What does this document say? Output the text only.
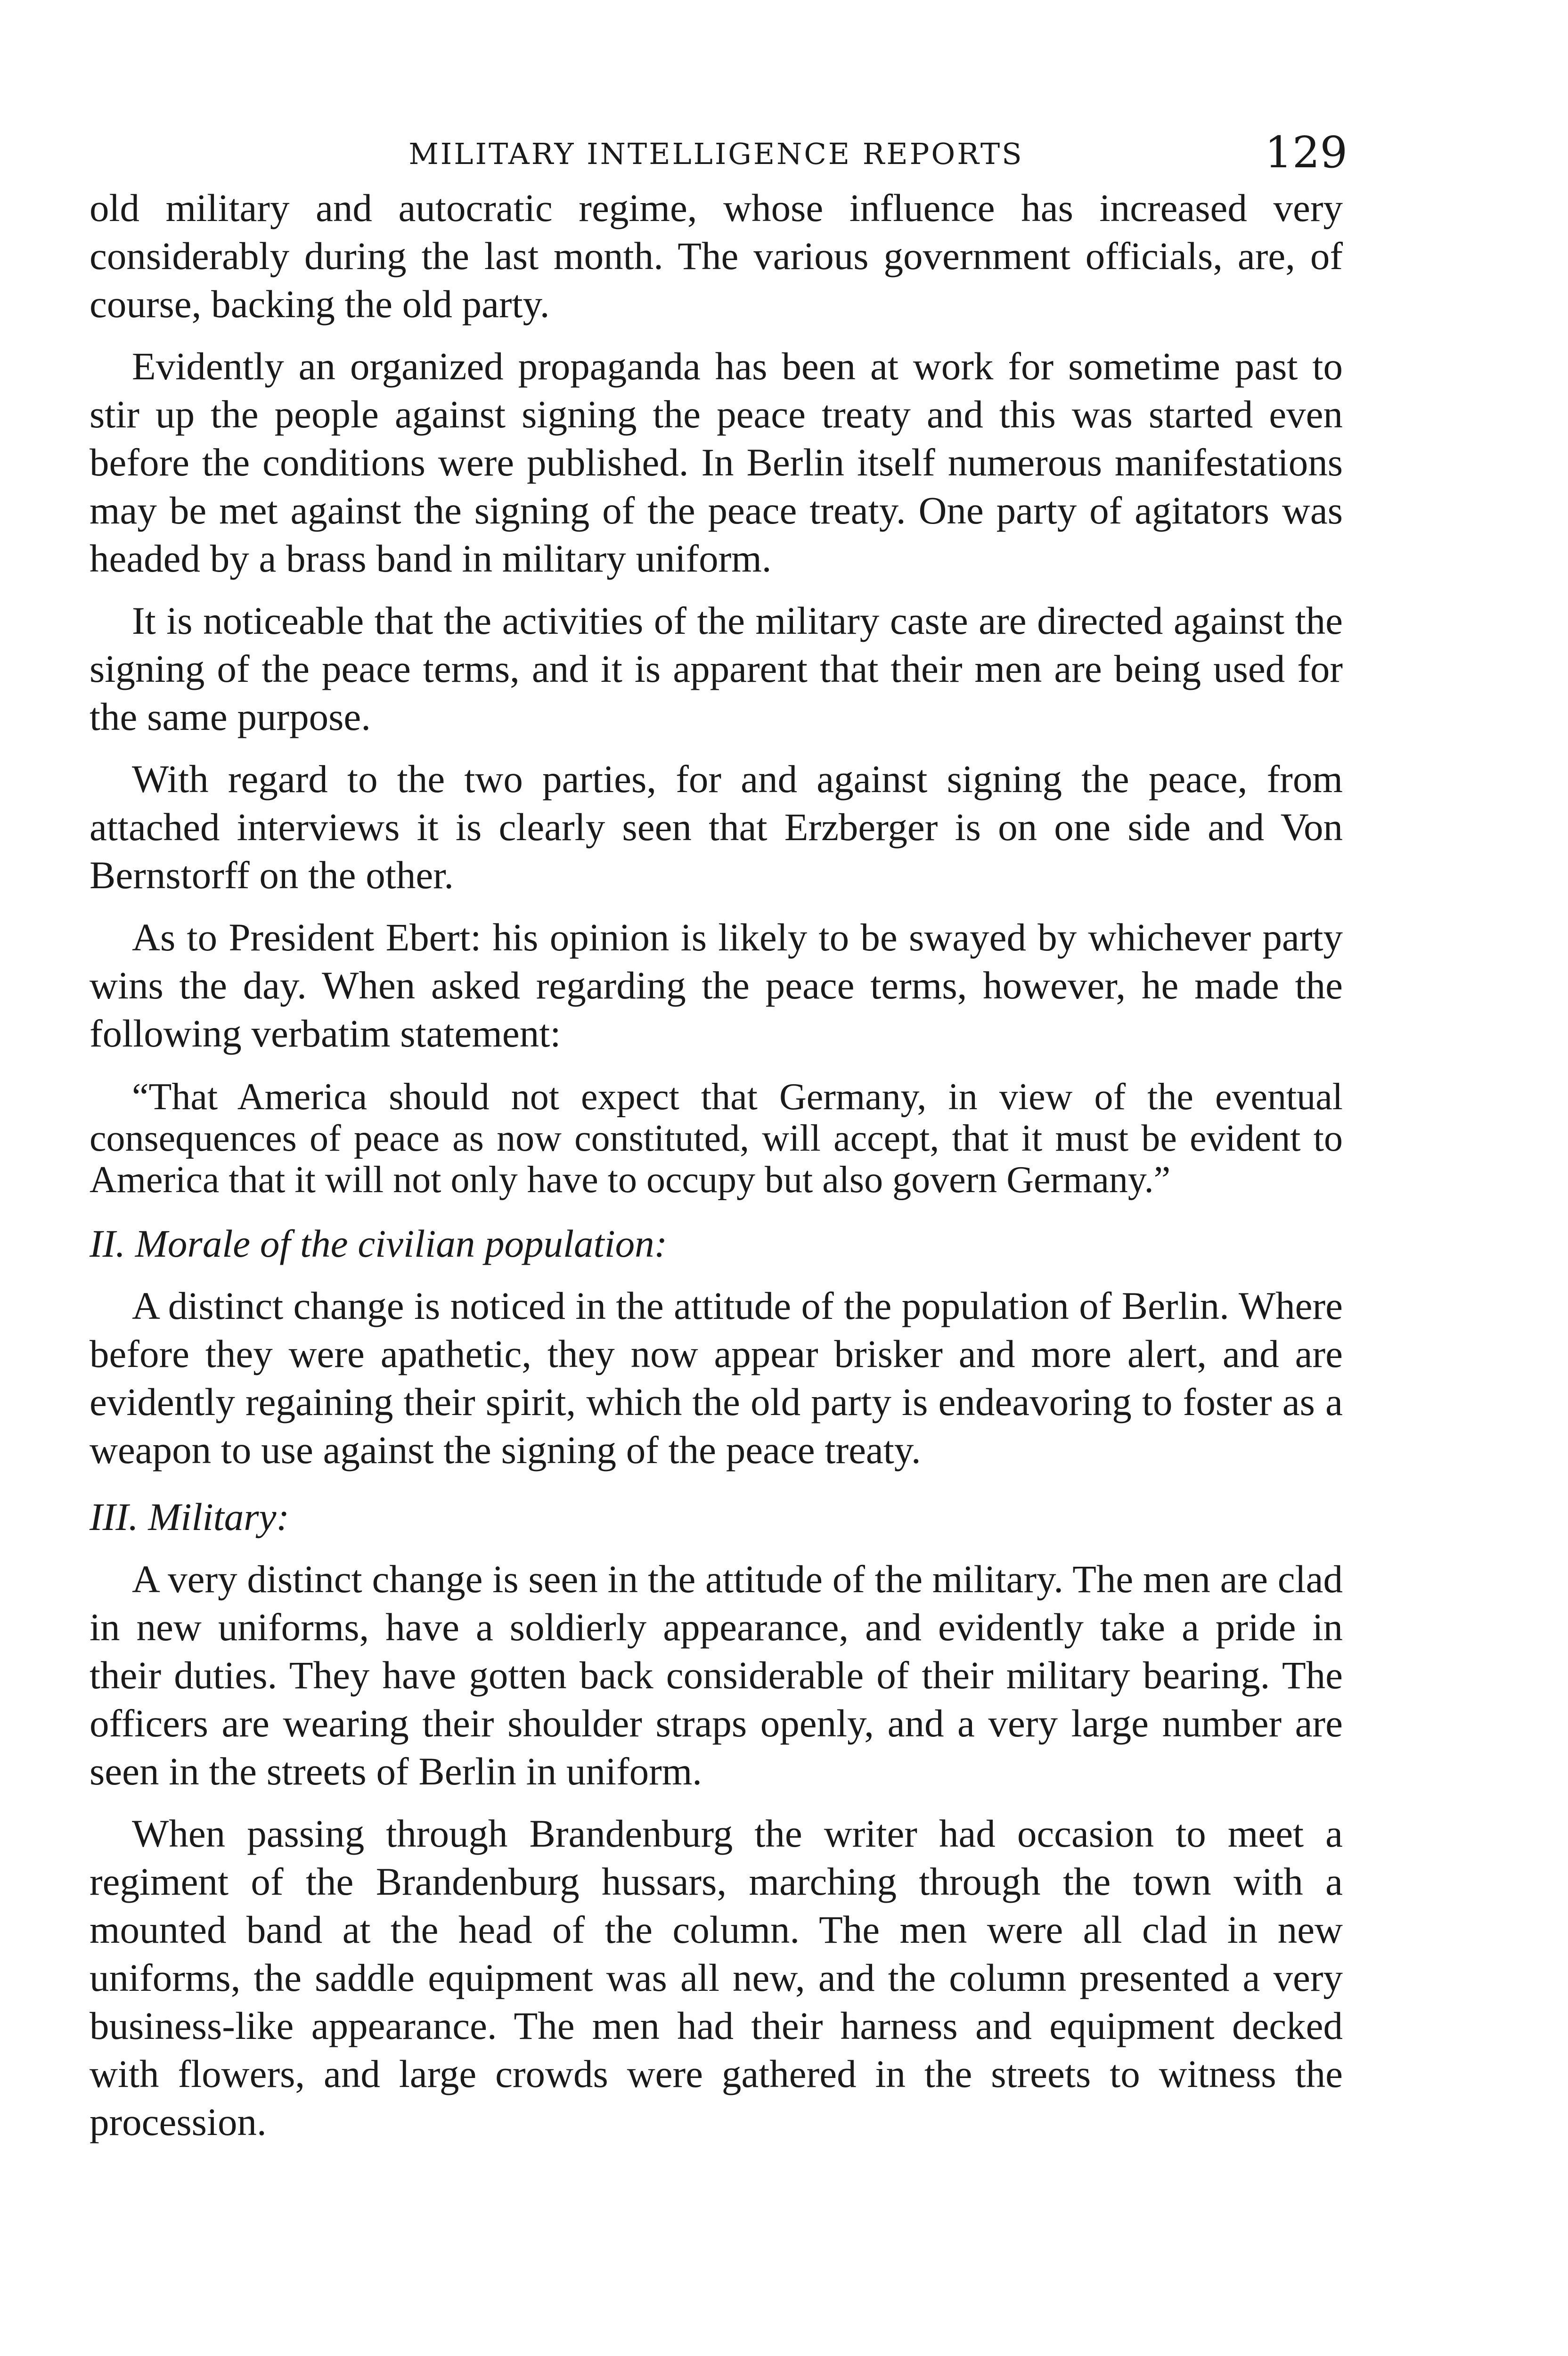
MILITARY INTELLIGENCE REPORTS	129

old military and autocratic regime, whose influence has increased very considerably during the last month. The various government officials, are, of course, backing the old party.

Evidently an organized propaganda has been at work for sometime past to stir up the people against signing the peace treaty and this was started even before the conditions were published. In Berlin itself numerous manifestations may be met against the signing of the peace treaty. One party of agitators was headed by a brass band in military uniform.

It is noticeable that the activities of the military caste are directed against the signing of the peace terms, and it is apparent that their men are being used for the same purpose.

With regard to the two parties, for and against signing the peace, from attached interviews it is clearly seen that Erzberger is on one side and Von Bernstorff on the other.

As to President Ebert: his opinion is likely to be swayed by whichever party wins the day. When asked regarding the peace terms, however, he made the following verbatim statement:

“That America should not expect that Germany, in view of the eventual consequences of peace as now constituted, will accept, that it must be evident to America that it will not only have to occupy but also govern Germany.”

II. Morale of the civilian population:

A distinct change is noticed in the attitude of the population of Berlin. Where before they were apathetic, they now appear brisker and more alert, and are evidently regaining their spirit, which the old party is endeavoring to foster as a weapon to use against the signing of the peace treaty.

III. Military:

A very distinct change is seen in the attitude of the military. The men are clad in new uniforms, have a soldierly appearance, and evidently take a pride in their duties. They have gotten back considerable of their military bearing. The officers are wearing their shoulder straps openly, and a very large number are seen in the streets of Berlin in uniform.

When passing through Brandenburg the writer had occasion to meet a regiment of the Brandenburg hussars, marching through the town with a mounted band at the head of the column. The men were all clad in new uniforms, the saddle equipment was all new, and the column presented a very business-like appearance. The men had their harness and equipment decked with flowers, and large crowds were gathered in the streets to witness the procession.
